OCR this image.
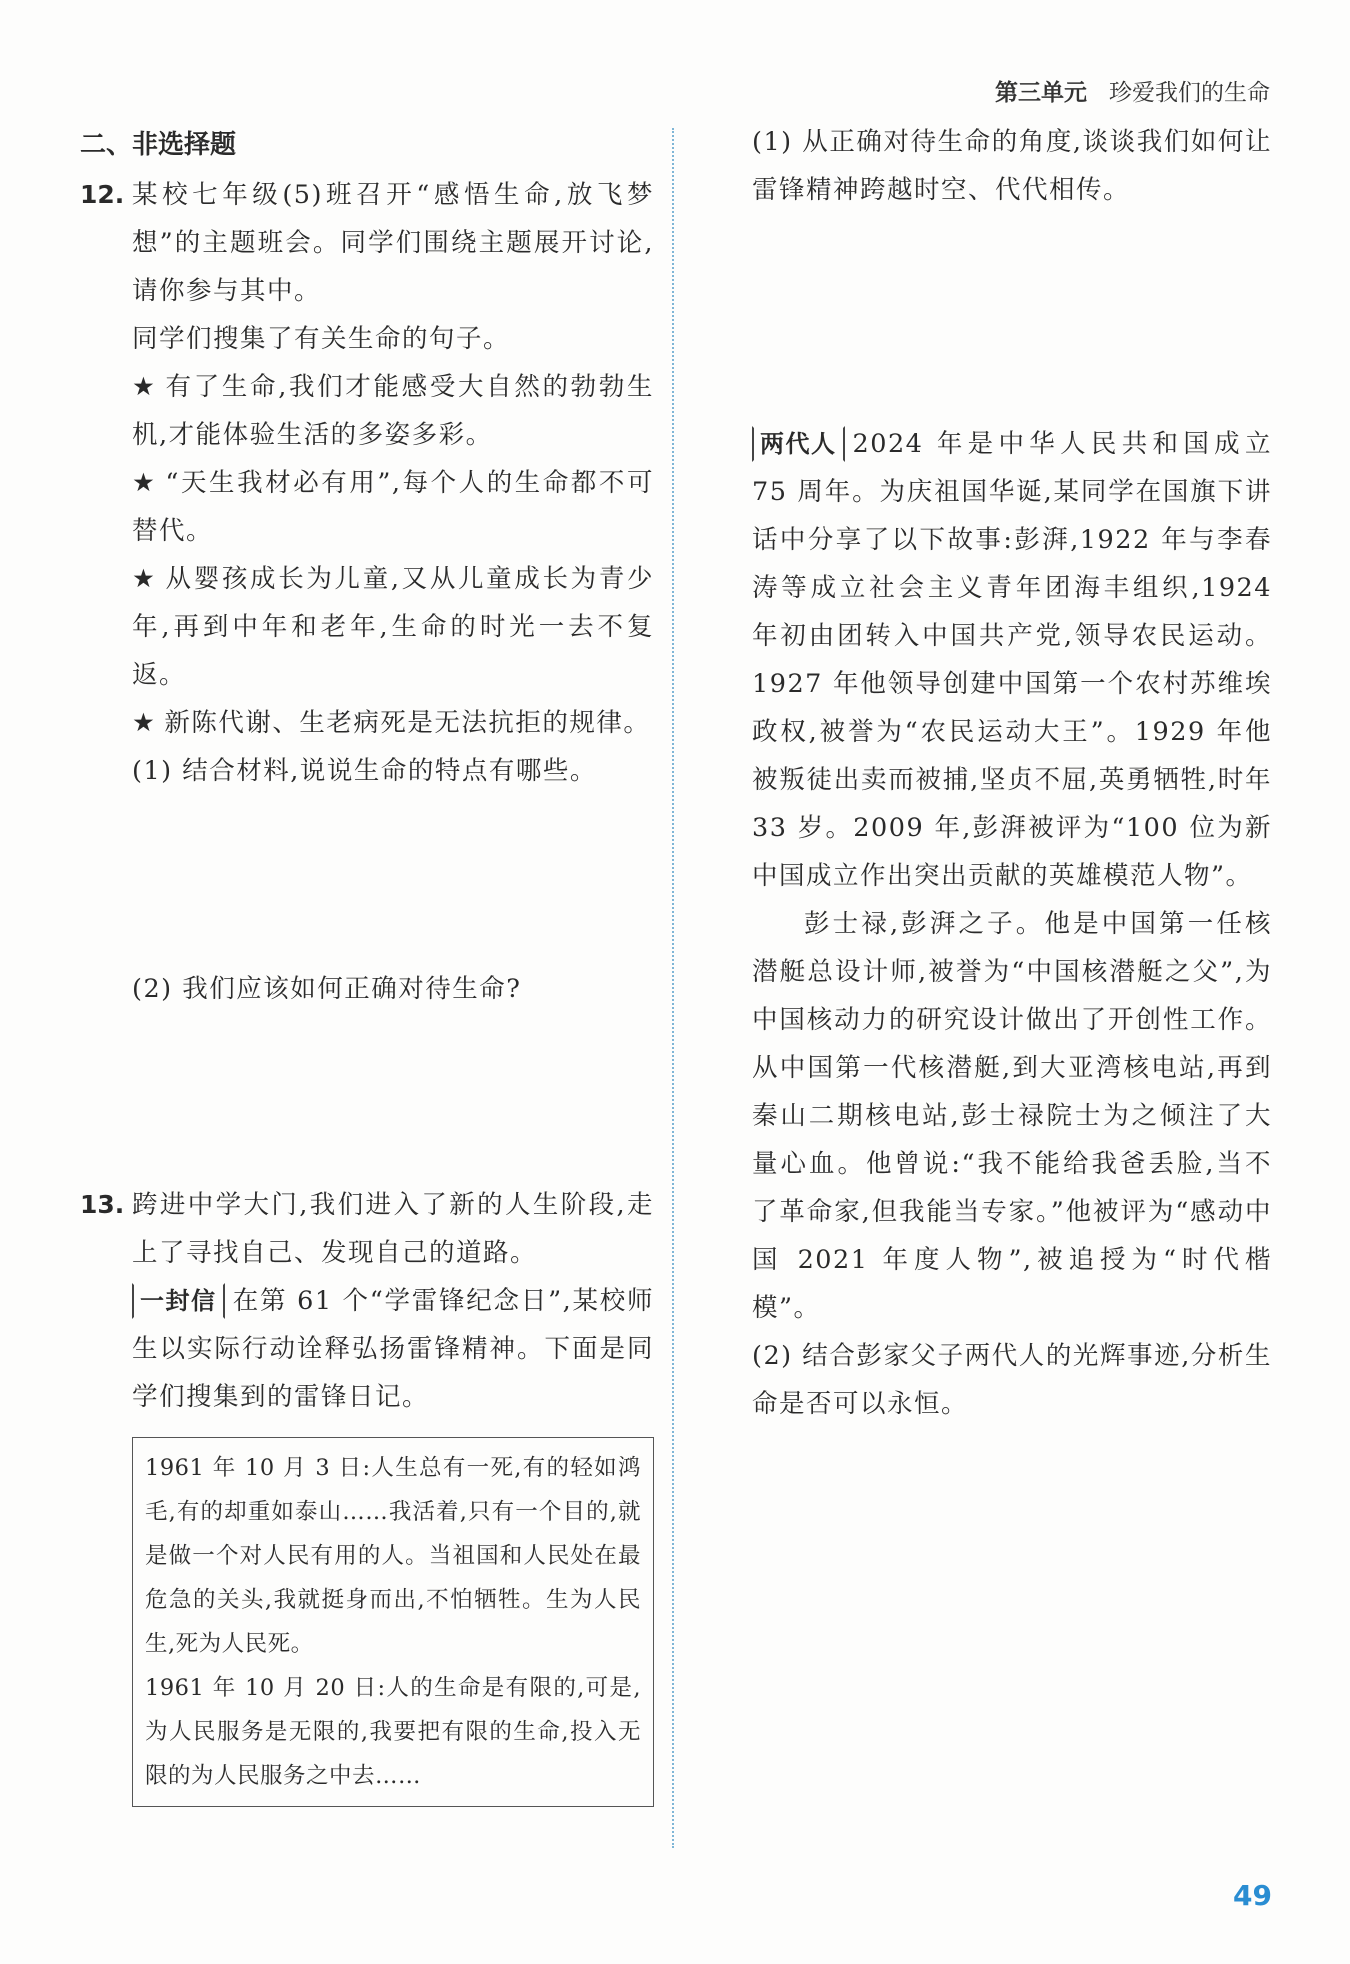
第三单元 珍爱我们的生命
二、非选择题
12. 某校七年级(5)班召开“感悟生命,放飞梦想”的主题班会。同学们围绕主题展开讨论,请你参与其中。

同学们搜集了有关生命的句子。

★ 有了生命,我们才能感受大自然的勃勃生机,才能体验生活的多姿多彩。

★ “天生我材必有用”,每个人的生命都不可替代。

★ 从婴孩成长为儿童,又从儿童成长为青少年,再到中年和老年,生命的时光一去不复返。

★ 新陈代谢、生老病死是无法抗拒的规律。

(1) 结合材料,说说生命的特点有哪些。

(2) 我们应该如何正确对待生命?

13. 跨进中学大门,我们进入了新的人生阶段,走上了寻找自己、发现自己的道路。

一封信 在第 61 个“学雷锋纪念日”,某校师生以实际行动诠释弘扬雷锋精神。下面是同学们搜集到的雷锋日记。

1961 年 10 月 3 日:人生总有一死,有的轻如鸿毛,有的却重如泰山……我活着,只有一个目的,就是做一个对人民有用的人。当祖国和人民处在最危急的关头,我就挺身而出,不怕牺牲。生为人民生,死为人民死。

1961 年 10 月 20 日:人的生命是有限的,可是,为人民服务是无限的,我要把有限的生命,投入无限的为人民服务之中去……

(1) 从正确对待生命的角度,谈谈我们如何让雷锋精神跨越时空、代代相传。

两代人 2024 年是中华人民共和国成立 75 周年。为庆祖国华诞,某同学在国旗下讲话中分享了以下故事:彭湃,1922 年与李春涛等成立社会主义青年团海丰组织,1924 年初由团转入中国共产党,领导农民运动。1927 年他领导创建中国第一个农村苏维埃政权,被誉为“农民运动大王”。1929 年他被叛徒出卖而被捕,坚贞不屈,英勇牺牲,时年 33 岁。2009 年,彭湃被评为“100 位为新中国成立作出突出贡献的英雄模范人物”。

彭士禄,彭湃之子。他是中国第一任核潜艇总设计师,被誉为“中国核潜艇之父”,为中国核动力的研究设计做出了开创性工作。从中国第一代核潜艇,到大亚湾核电站,再到秦山二期核电站,彭士禄院士为之倾注了大量心血。他曾说:“我不能给我爸丢脸,当不了革命家,但我能当专家。”他被评为“感动中国 2021 年度人物”,被追授为“时代楷模”。

(2) 结合彭家父子两代人的光辉事迹,分析生命是否可以永恒。

49
